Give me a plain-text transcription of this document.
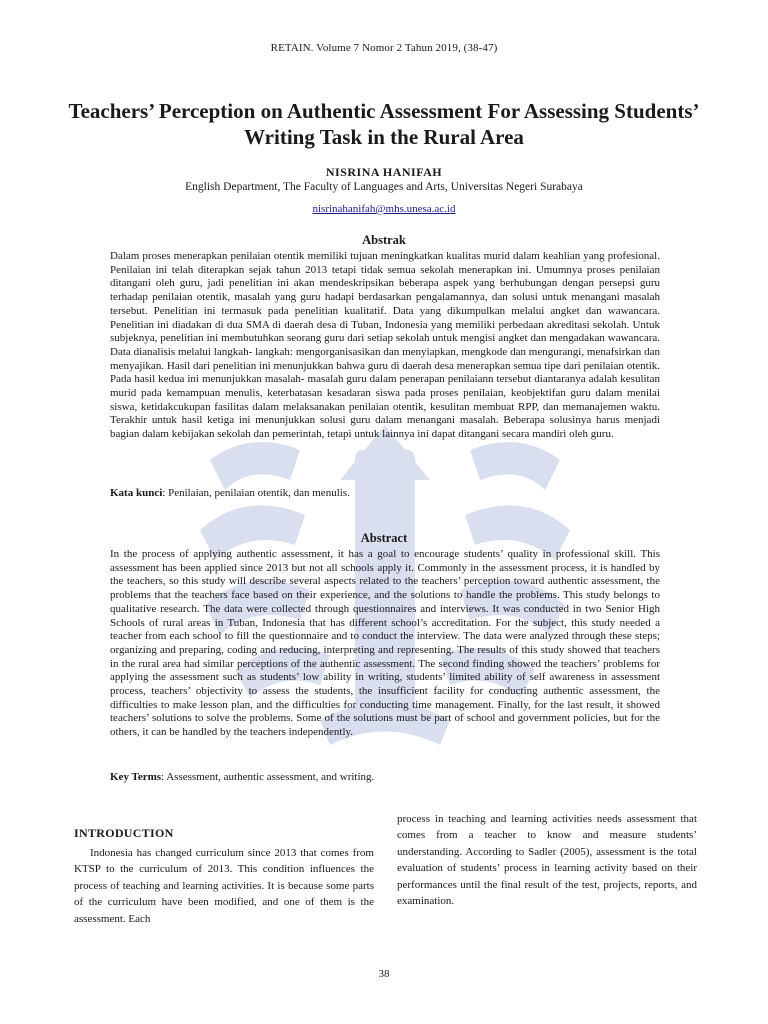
RETAIN. Volume 7 Nomor 2 Tahun 2019, (38-47)
Teachers’ Perception on Authentic Assessment For Assessing Students’ Writing Task in the Rural Area
NISRINA HANIFAH
English Department, The Faculty of Languages and Arts, Universitas Negeri Surabaya
nisrinahanifah@mhs.unesa.ac.id
Abstrak

Dalam proses menerapkan penilaian otentik memiliki tujuan meningkatkan kualitas murid dalam keahlian yang profesional. Penilaian ini telah diterapkan sejak tahun 2013 tetapi tidak semua sekolah menerapkan ini. Umumnya proses penilaian ditangani oleh guru, jadi penelitian ini akan mendeskripsikan beberapa aspek yang berhubungan dengan persepsi guru terhadap penilaian otentik, masalah yang guru hadapi berdasarkan pengalamannya, dan solusi untuk menangani masalah tersebut. Penelitian ini termasuk pada penelitian kualitatif. Data yang dikumpulkan melalui angket dan wawancara. Penelitian ini diadakan di dua SMA di daerah desa di Tuban, Indonesia yang memiliki perbedaan akreditasi sekolah. Untuk subjeknya, penelitian ini membutuhkan seorang guru dari setiap sekolah untuk mengisi angket dan mengadakan wawancara. Data dianalisis melalui langkah- langkah: mengorganisasikan dan menyiapkan, mengkode dan mengurangi, menafsirkan dan menyajikan. Hasil dari penelitian ini menunjukkan bahwa guru di daerah desa menerapkan semua tipe dari penilaian otentik. Pada hasil kedua ini menunjukkan masalah- masalah guru dalam penerapan penilaiann tersebut diantaranya adalah kesulitan murid pada kemampuan menulis, keterbatasan kesadaran siswa pada proses penilaian, keobjektifan guru dalam menilai siswa, ketidakcukupan fasilitas dalam melaksanakan penilaian otentik, kesulitan membuat RPP, dan memanajemen waktu. Terakhir untuk hasil ketiga ini menunjukkan solusi guru dalam menangani masalah. Beberapa solusinya harus menjadi bagian dalam kebijakan sekolah dan pemerintah, tetapi untuk lainnya ini dapat ditangani secara mandiri oleh guru.

Kata kunci: Penilaian, penilaian otentik, dan menulis.

Abstract

In the process of applying authentic assessment, it has a goal to encourage students’ quality in professional skill. This assessment has been applied since 2013 but not all schools apply it. Commonly in the assessment process, it is handled by the teachers, so this study will describe several aspects related to the teachers’ perception toward authentic assessment, the problems that the teachers face based on their experience, and the solutions to handle the problems. This study belongs to qualitative research. The data were collected through questionnaires and interviews. It was conducted in two Senior High Schools of rural areas in Tuban, Indonesia that has different school’s accreditation. For the subject, this study needed a teacher from each school to fill the questionnaire and to conduct the interview. The data were analyzed through these steps; organizing and preparing, coding and reducing, interpreting and representing. The results of this study showed that teachers in the rural area had similar perceptions of the authentic assessment. The second finding showed the teachers’ problems for applying the assessment such as students’ low ability in writing, students’ limited ability of self awareness in assessment process, teachers’ objectivity to assess the students, the insufficient facility for conducting authentic assessment, the difficulties to make lesson plan, and the difficulties for conducting time management. Finally, for the last result, it showed teachers’ solutions to solve the problems. Some of the solutions must be part of school and government policies, but for the others, it can be handled by the teachers independently.

Key Terms: Assessment, authentic assessment, and writing.

INTRODUCTION

Indonesia has changed curriculum since 2013 that comes from KTSP to the curriculum of 2013. This condition influences the process of teaching and learning activities. It is because some parts of the curriculum have been modified, and one of them is the assessment. Each

process in teaching and learning activities needs assessment that comes from a teacher to know and measure students’ understanding. According to Sadler (2005), assessment is the total evaluation of students’ process in learning activity based on their performances until the final result of the test, projects, reports, and examination.

38
